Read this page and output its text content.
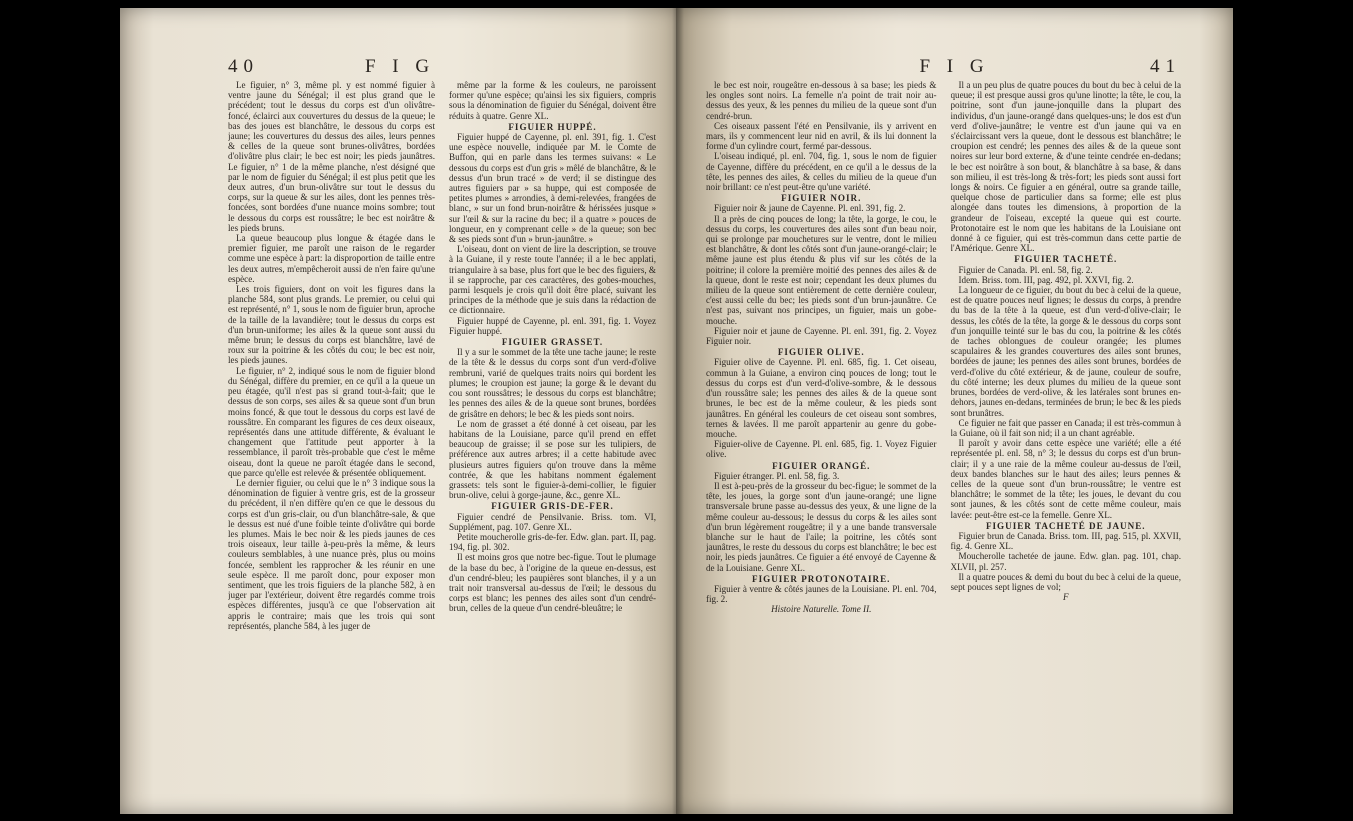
40	F I G

Le figuier, n° 3, même pl. y est nommé figuier à ventre jaune du Sénégal; il est plus grand que le précédent; tout le dessus du corps est d'un olivâtre-foncé, éclairci aux couvertures du dessus de la queue; le bas des joues est blanchâtre, le dessous du corps est jaune; les couvertures du dessus des ailes, leurs pennes & celles de la queue sont brunes-olivâtres, bordées d'olivâtre plus clair; le bec est noir; les pieds jaunâtres. Le figuier, n° 1 de la même planche, n'est désigné que par le nom de figuier du Sénégal; il est plus petit que les deux autres, d'un brun-olivâtre sur tout le dessus du corps, sur la queue & sur les ailes, dont les pennes très-foncées, sont bordées d'une nuance moins sombre; tout le dessous du corps est roussâtre; le bec est noirâtre & les pieds bruns.

La queue beaucoup plus longue & étagée dans le premier figuier, me paroît une raison de le regarder comme une espèce à part: la disproportion de taille entre les deux autres, m'empêcheroit aussi de n'en faire qu'une espèce.

Les trois figuiers, dont on voit les figures dans la planche 584, sont plus grands. Le premier, ou celui qui est représenté, n° 1, sous le nom de figuier brun, aproche de la taille de la lavandière; tout le dessus du corps est d'un brun-uniforme; les ailes & la queue sont aussi du même brun; le dessus du corps est blanchâtre, lavé de roux sur la poitrine & les côtés du cou; le bec est noir, les pieds jaunes.

Le figuier, n° 2, indiqué sous le nom de figuier blond du Sénégal, diffère du premier, en ce qu'il a la queue un peu étagée, qu'il n'est pas si grand tout-à-fait; que le dessus de son corps, ses ailes & sa queue sont d'un brun moins foncé, & que tout le dessous du corps est lavé de roussâtre. En comparant les figures de ces deux oiseaux, représentés dans une attitude différente, & évaluant le changement que l'attitude peut apporter à la ressemblance, il paroît très-probable que c'est le même oiseau, dont la queue ne paroît étagée dans le second, que parce qu'elle est relevée & présentée obliquement.

Le dernier figuier, ou celui que le n° 3 indique sous la dénomination de figuier à ventre gris, est de la grosseur du précédent, il n'en diffère qu'en ce que le dessous du corps est d'un gris-clair, ou d'un blanchâtre-sale, & que le dessus est nué d'une foible teinte d'olivâtre qui borde les plumes. Mais le bec noir & les pieds jaunes de ces trois oiseaux, leur taille à-peu-près la même, & leurs couleurs semblables, à une nuance près, plus ou moins foncée, semblent les rapprocher & les réunir en une seule espèce. Il me paroît donc, pour exposer mon sentiment, que les trois figuiers de la planche 582, à en juger par l'extérieur, doivent être regardés comme trois espèces différentes, jusqu'à ce que l'observation ait appris le contraire; mais que les trois qui sont représentés, planche 584, à les juger de

même par la forme & les couleurs, ne paroissent former qu'une espèce; qu'ainsi les six figuiers, compris sous la dénomination de figuier du Sénégal, doivent être réduits à quatre. Genre XL.

FIGUIER HUPPÉ.

Figuier huppé de Cayenne, pl. enl. 391, fig. 1. C'est une espèce nouvelle, indiquée par M. le Comte de Buffon, qui en parle dans les termes suivans: « Le dessous du corps est d'un gris » mêlé de blanchâtre, & le dessus d'un brun tracé » de verd; il se distingue des autres figuiers par » sa huppe, qui est composée de petites plumes » arrondies, à demi-relevées, frangées de blanc, » sur un fond brun-noirâtre & hérissées jusque » sur l'œil & sur la racine du bec; il a quatre » pouces de longueur, en y comprenant celle » de la queue; son bec & ses pieds sont d'un » brun-jaunâtre. »

L'oiseau, dont on vient de lire la description, se trouve à la Guiane, il y reste toute l'année; il a le bec applati, triangulaire à sa base, plus fort que le bec des figuiers, & il se rapproche, par ces caractères, des gobes-mouches, parmi lesquels je crois qu'il doit être placé, suivant les principes de la méthode que je suis dans la rédaction de ce dictionnaire.

Figuier huppé de Cayenne, pl. enl. 391, fig. 1. Voyez Figuier huppé.

FIGUIER GRASSET.

Il y a sur le sommet de la tête une tache jaune; le reste de la tête & le dessus du corps sont d'un verd-d'olive rembruni, varié de quelques traits noirs qui bordent les plumes; le croupion est jaune; la gorge & le devant du cou sont roussâtres; le dessous du corps est blanchâtre; les pennes des ailes & de la queue sont brunes, bordées de grisâtre en dehors; le bec & les pieds sont noirs.

Le nom de grasset a été donné à cet oiseau, par les habitans de la Louisiane, parce qu'il prend en effet beaucoup de graisse; il se pose sur les tulipiers, de préférence aux autres arbres; il a cette habitude avec plusieurs autres figuiers qu'on trouve dans la même contrée, & que les habitans nomment également grassets: tels sont le figuier-à-demi-collier, le figuier brun-olive, celui à gorge-jaune, &c., genre XL.

FIGUIER GRIS-DE-FER.

Figuier cendré de Pensilvanie. Briss. tom. VI, Supplément, pag. 107. Genre XL.

Petite moucherolle gris-de-fer. Edw. glan. part. II, pag. 194, fig. pl. 302.

Il est moins gros que notre bec-figue. Tout le plumage de la base du bec, à l'origine de la queue en-dessus, est d'un cendré-bleu; les paupières sont blanches, il y a un trait noir transversal au-dessus de l'œil; le dessous du corps est blanc; les pennes des ailes sont d'un cendré-brun, celles de la queue d'un cendré-bleuâtre; le

F I G	41

le bec est noir, rougeâtre en-dessous à sa base; les pieds & les ongles sont noirs. La femelle n'a point de trait noir au-dessus des yeux, & les pennes du milieu de la queue sont d'un cendré-brun.

Ces oiseaux passent l'été en Pensilvanie, ils y arrivent en mars, ils y commencent leur nid en avril, & ils lui donnent la forme d'un cylindre court, fermé par-dessous.

L'oiseau indiqué, pl. enl. 704, fig. 1, sous le nom de figuier de Cayenne, diffère du précédent, en ce qu'il a le dessus de la tête, les pennes des ailes, & celles du milieu de la queue d'un noir brillant: ce n'est peut-être qu'une variété.

FIGUIER NOIR.

Figuier noir & jaune de Cayenne. Pl. enl. 391, fig. 2.

Il a près de cinq pouces de long; la tête, la gorge, le cou, le dessus du corps, les couvertures des ailes sont d'un beau noir, qui se prolonge par mouchetures sur le ventre, dont le milieu est blanchâtre, & dont les côtés sont d'un jaune-orangé-clair; le même jaune est plus étendu & plus vif sur les côtés de la poitrine; il colore la première moitié des pennes des ailes & de la queue, dont le reste est noir; cependant les deux plumes du milieu de la queue sont entièrement de cette dernière couleur, c'est aussi celle du bec; les pieds sont d'un brun-jaunâtre. Ce n'est pas, suivant nos principes, un figuier, mais un gobe-mouche.

Figuier noir et jaune de Cayenne. Pl. enl. 391, fig. 2. Voyez Figuier noir.

FIGUIER OLIVE.

Figuier olive de Cayenne. Pl. enl. 685, fig. 1. Cet oiseau, commun à la Guiane, a environ cinq pouces de long; tout le dessus du corps est d'un verd-d'olive-sombre, & le dessous d'un roussâtre sale; les pennes des ailes & de la queue sont brunes, le bec est de la même couleur, & les pieds sont jaunâtres. En général les couleurs de cet oiseau sont sombres, ternes & lavées. Il me paroît appartenir au genre du gobe-mouche.

Figuier-olive de Cayenne. Pl. enl. 685, fig. 1. Voyez Figuier olive.

FIGUIER ORANGÉ.

Figuier étranger. Pl. enl. 58, fig. 3.

Il est à-peu-près de la grosseur du bec-figue; le sommet de la tête, les joues, la gorge sont d'un jaune-orangé; une ligne transversale brune passe au-dessus des yeux, & une ligne de la même couleur au-dessous; le dessus du corps & les ailes sont d'un brun légèrement rougeâtre; il y a une bande transversale blanche sur le haut de l'aile; la poitrine, les côtés sont jaunâtres, le reste du dessous du corps est blanchâtre; le bec est noir, les pieds jaunâtres. Ce figuier a été envoyé de Cayenne & de la Louisiane. Genre XL.

FIGUIER PROTONOTAIRE.

Figuier à ventre & côtés jaunes de la Louisiane. Pl. enl. 704, fig. 2.

Histoire Naturelle. Tome II.

Il a un peu plus de quatre pouces du bout du bec à celui de la queue; il est presque aussi gros qu'une linotte; la tête, le cou, la poitrine, sont d'un jaune-jonquille dans la plupart des individus, d'un jaune-orangé dans quelques-uns; le dos est d'un verd d'olive-jaunâtre; le ventre est d'un jaune qui va en s'éclaircissant vers la queue, dont le dessous est blanchâtre; le croupion est cendré; les pennes des ailes & de la queue sont noires sur leur bord externe, & d'une teinte cendrée en-dedans; le bec est noirâtre à son bout, & blanchâtre à sa base, & dans son milieu, il est très-long & très-fort; les pieds sont aussi fort longs & noirs. Ce figuier a en général, outre sa grande taille, quelque chose de particulier dans sa forme; elle est plus alongée dans toutes les dimensions, à proportion de la grandeur de l'oiseau, excepté la queue qui est courte. Protonotaire est le nom que les habitans de la Louisiane ont donné à ce figuier, qui est très-commun dans cette partie de l'Amérique. Genre XL.

FIGUIER TACHETÉ.

Figuier de Canada. Pl. enl. 58, fig. 2.

Idem. Briss. tom. III, pag. 492, pl. XXVI, fig. 2.

La longueur de ce figuier, du bout du bec à celui de la queue, est de quatre pouces neuf lignes; le dessus du corps, à prendre du bas de la tête à la queue, est d'un verd-d'olive-clair; le dessus, les côtés de la tête, la gorge & le dessous du corps sont d'un jonquille teinté sur le bas du cou, la poitrine & les côtés de taches oblongues de couleur orangée; les plumes scapulaires & les grandes couvertures des ailes sont brunes, bordées de jaune; les pennes des ailes sont brunes, bordées de verd-d'olive du côté extérieur, & de jaune, couleur de soufre, du côté interne; les deux plumes du milieu de la queue sont brunes, bordées de verd-olive, & les latérales sont brunes en-dehors, jaunes en-dedans, terminées de brun; le bec & les pieds sont brunâtres.

Ce figuier ne fait que passer en Canada; il est très-commun à la Guiane, où il fait son nid; il a un chant agréable.

Il paroît y avoir dans cette espèce une variété; elle a été représentée pl. enl. 58, n° 3; le dessus du corps est d'un brun-clair; il y a une raie de la même couleur au-dessus de l'œil, deux bandes blanches sur le haut des ailes; leurs pennes & celles de la queue sont d'un brun-roussâtre; le ventre est blanchâtre; le sommet de la tête; les joues, le devant du cou sont jaunes, & les côtés sont de cette même couleur, mais lavée: peut-être est-ce la femelle. Genre XL.

FIGUIER TACHETÉ DE JAUNE.

Figuier brun de Canada. Briss. tom. III, pag. 515, pl. XXVII, fig. 4. Genre XL.

Moucherolle tachetée de jaune. Edw. glan. pag. 101, chap. XLVII, pl. 257.

Il a quatre pouces & demi du bout du bec à celui de la queue, sept pouces sept lignes de vol;

F
